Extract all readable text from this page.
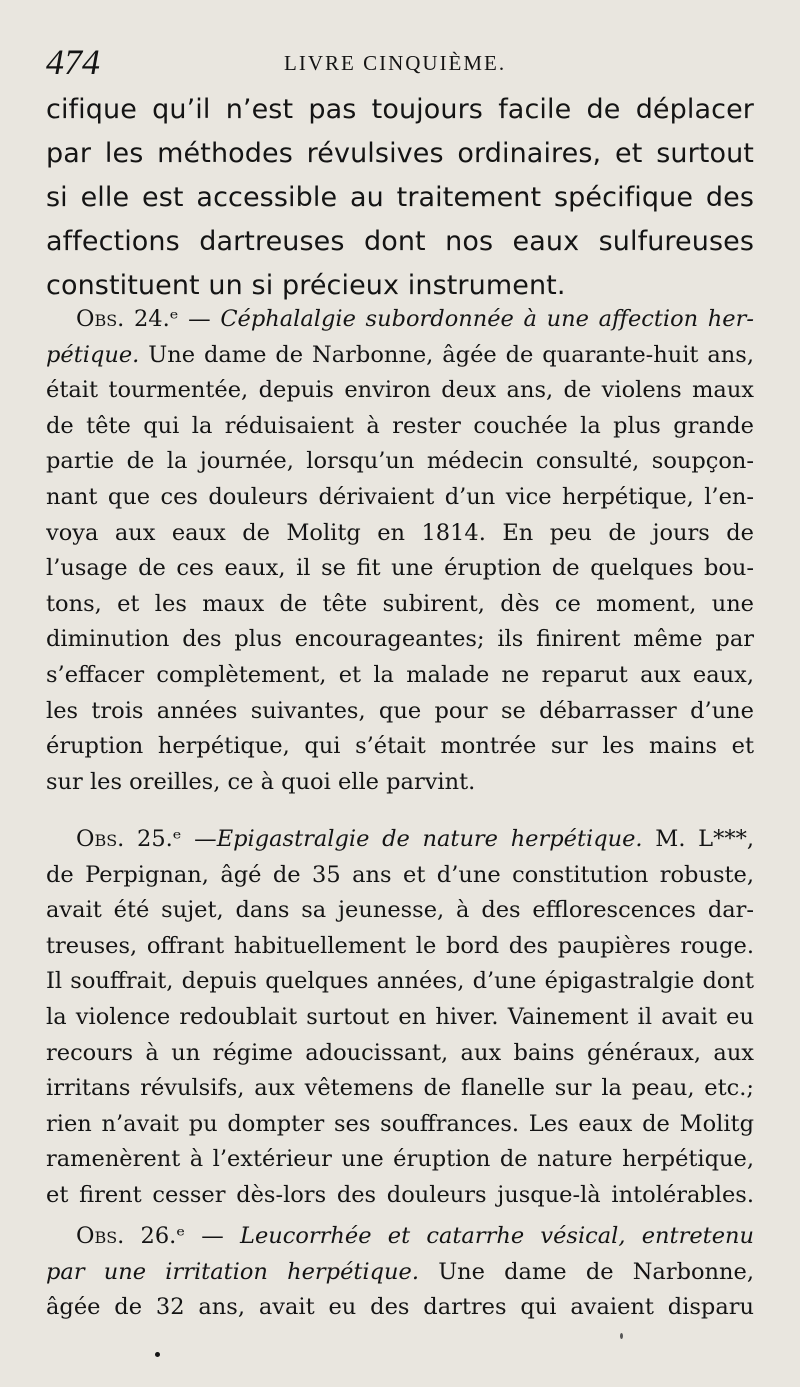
474	LIVRE CINQUIÈME.
cifique qu’il n’est pas toujours facile de déplacer
par les méthodes révulsives ordinaires, et surtout
si elle est accessible au traitement spécifique des
affections dartreuses dont nos eaux sulfureuses
constituent un si précieux instrument.
Obs. 24.ᵉ — Céphalalgie subordonnée à une affection her-
pétique. Une dame de Narbonne, âgée de quarante-huit ans,
était tourmentée, depuis environ deux ans, de violens maux
de tête qui la réduisaient à rester couchée la plus grande
partie de la journée, lorsqu’un médecin consulté, soupçon-
nant que ces douleurs dérivaient d’un vice herpétique, l’en-
voya aux eaux de Molitg en 1814. En peu de jours de
l’usage de ces eaux, il se fit une éruption de quelques bou-
tons, et les maux de tête subirent, dès ce moment, une
diminution des plus encourageantes; ils finirent même par
s’effacer complètement, et la malade ne reparut aux eaux,
les trois années suivantes, que pour se débarrasser d’une
éruption herpétique, qui s’était montrée sur les mains et
sur les oreilles, ce à quoi elle parvint.
Obs. 25.ᵉ —Epigastralgie de nature herpétique. M. L***,
de Perpignan, âgé de 35 ans et d’une constitution robuste,
avait été sujet, dans sa jeunesse, à des efflorescences dar-
treuses, offrant habituellement le bord des paupières rouge.
Il souffrait, depuis quelques années, d’une épigastralgie dont
la violence redoublait surtout en hiver. Vainement il avait eu
recours à un régime adoucissant, aux bains généraux, aux
irritans révulsifs, aux vêtemens de flanelle sur la peau, etc.;
rien n’avait pu dompter ses souffrances. Les eaux de Molitg
ramenèrent à l’extérieur une éruption de nature herpétique,
et firent cesser dès-lors des douleurs jusque-là intolérables.
Obs. 26.ᵉ — Leucorrhée et catarrhe vésical, entretenu
par une irritation herpétique. Une dame de Narbonne,
âgée de 32 ans, avait eu des dartres qui avaient disparu
